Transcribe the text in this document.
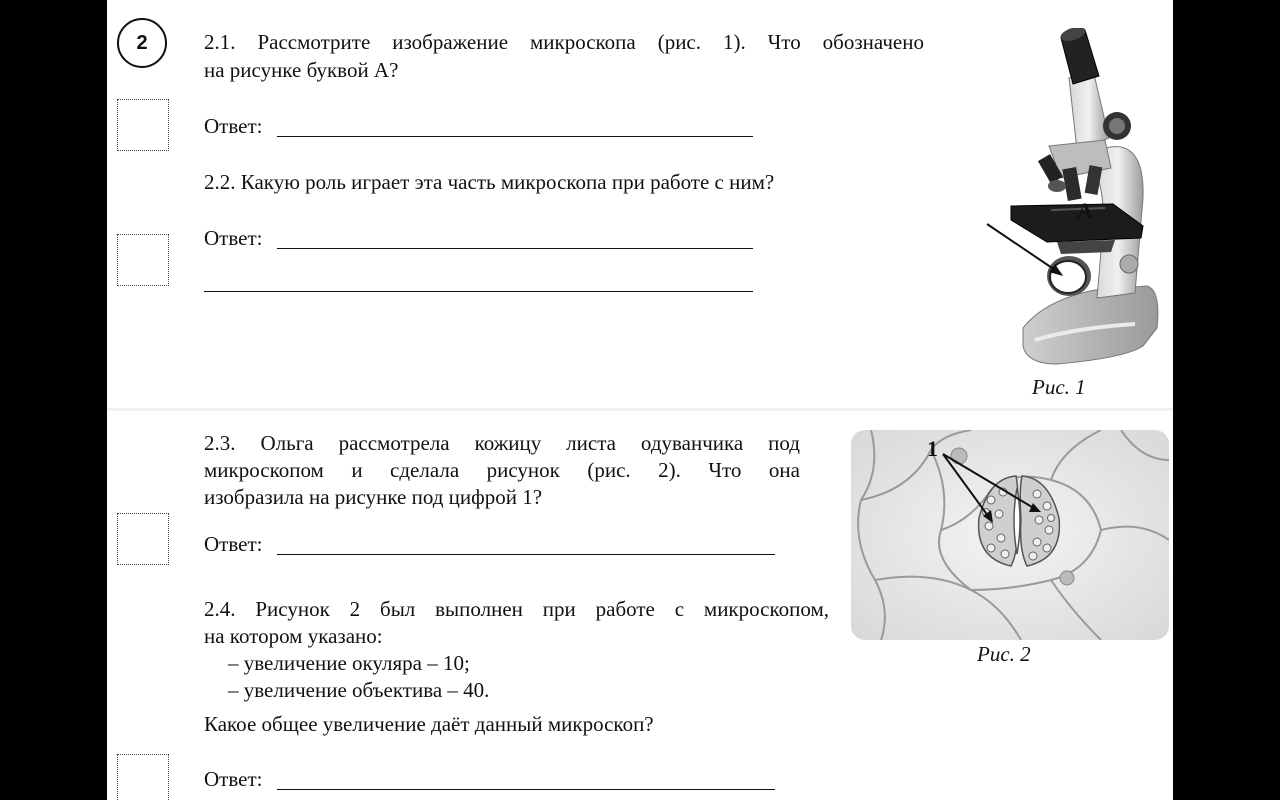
2	2.1. Рассмотрите изображение микроскопа (рис. 1). Что обозначено
на рисунке буквой А?
Ответ:
2.2. Какую роль играет эта часть микроскопа при работе с ним?
Ответ:
А
Рис. 1
2.3. Ольга рассмотрела кожицу листа одуванчика под
микроскопом и сделала рисунок (рис. 2). Что она
изобразила на рисунке под цифрой 1?
Ответ:
1
Рис. 2
2.4. Рисунок 2 был выполнен при работе с микроскопом,
на котором указано:
– увеличение окуляра – 10;
– увеличение объектива – 40.
Какое общее увеличение даёт данный микроскоп?
Ответ:
